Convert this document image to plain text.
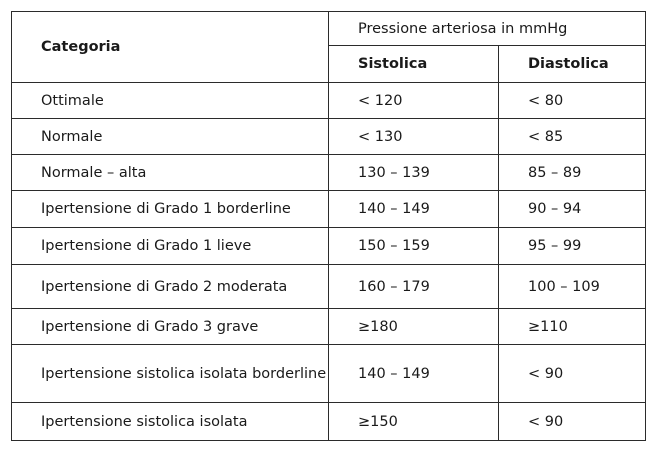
Categoria	Pressione arteriosa in mmHg	
	Sistolica	Diastolica
Ottimale	< 120	< 80
Normale	< 130	< 85
Normale – alta	130 – 139	85 – 89
Ipertensione di Grado 1 borderline	140 – 149	90 – 94
Ipertensione di Grado 1 lieve	150 – 159	95 – 99
Ipertensione di Grado 2 moderata	160 – 179	100 – 109
Ipertensione di Grado 3 grave	≥180	≥110
Ipertensione sistolica isolata borderline	140 – 149	< 90
Ipertensione sistolica isolata	≥150	< 90
